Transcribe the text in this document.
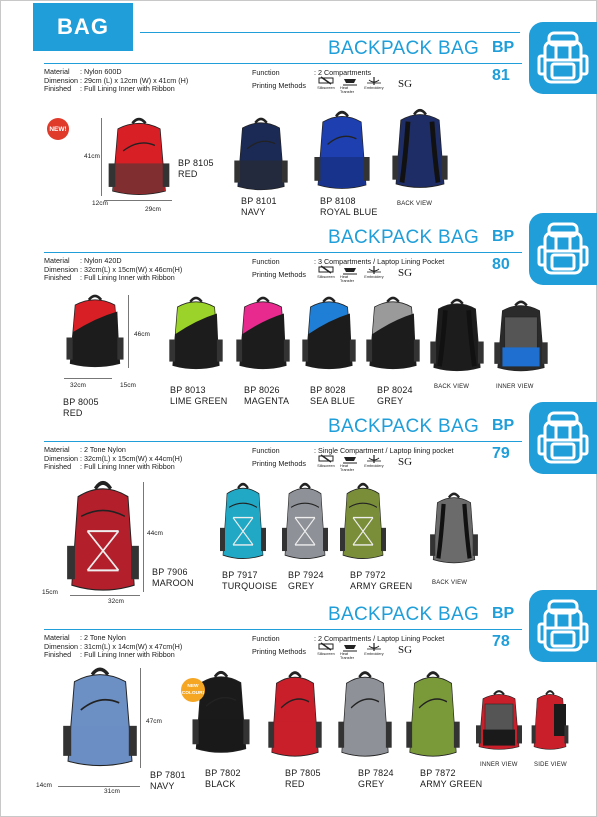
BAG
BACKPACK BAG BP
81
Material : Nylon 600D
Dimension : 29cm (L) x 12cm (W) x 41cm (H)
Finished : Full Lining Inner with Ribbon
Function	: 2 Compartments
Printing Methods	Silkscreen Heat Transfer
Embroidery SG
BACKPACK BAG BP
80
Material : Nylon 420D
Dimension : 32cm(L) x 15cm(W) x 46cm(H)
Finished : Full Lining Inner with Ribbon
Function	: 3 Compartments / Laptop Lining Pocket
Printing Methods	Silkscreen Heat Transfer
Embroidery SG
BACKPACK BAG BP
79
Material : 2 Tone Nylon
Dimension : 32cm(L) x 15cm(W) x 44cm(H)
Finished : Full Lining Inner with Ribbon
Function	: Single Compartment / Laptop lining pocket
Printing Methods	Silkscreen Heat Transfer
Embroidery SG
BACKPACK BAG BP
78
Material : 2 Tone Nylon
Dimension : 31cm(L) x 14cm(W) x 47cm(H)
Finished : Full Lining Inner with Ribbon
Function	: 2 Compartments / Laptop Lining Pocket
Printing Methods	Silkscreen Heat Transfer
Embroidery SG
BP 8105
RED
BP 8101
NAVY
BP 8108
ROYAL BLUE
BACK VIEW
41cm
12cm
29cm
NEW!
BP 8005
RED
BP 8013
LIME GREEN
BP 8026
MAGENTA
BP 8028
SEA BLUE
BP 8024
GREY
BACK VIEW	INNER VIEW
46cm
15cm
32cm
BP 7906
MAROON
BP 7917
TURQUOISE
BP 7924
GREY
BP 7972
ARMY GREEN	BACK VIEW
44cm
15cm
32cm
BP 7801
NAVY
BP 7802
BLACK
BP 7805
RED
BP 7824
GREY
BP 7872
ARMY GREEN
INNER VIEW	SIDE VIEW
47cm
14cm
31cm
NEW COLOUR!
